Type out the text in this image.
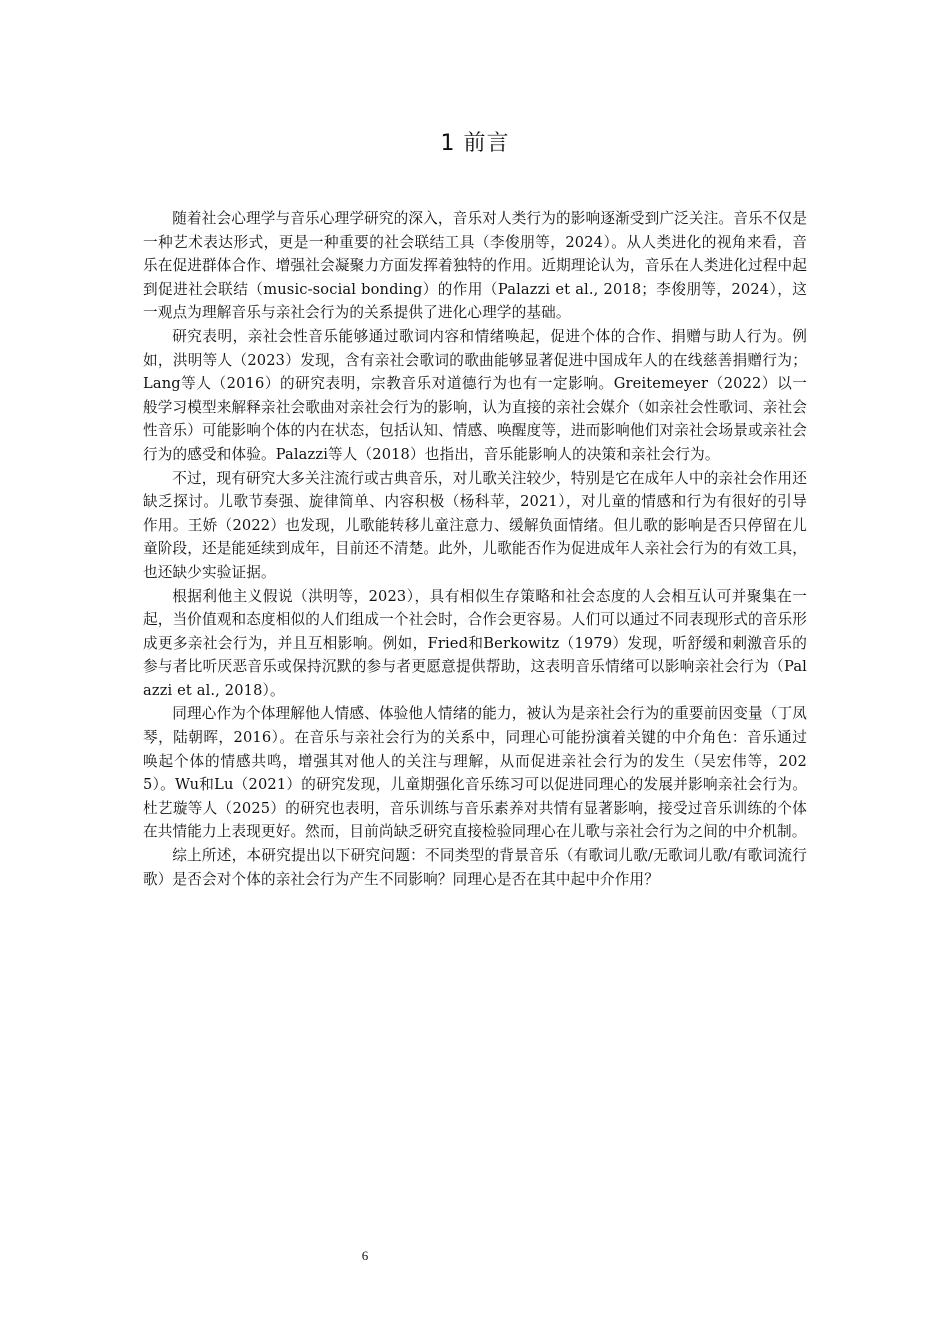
1 前言

随着社会心理学与音乐心理学研究的深入，音乐对人类行为的影响逐渐受到广泛关注。音乐不仅是一种艺术表达形式，更是一种重要的社会联结工具（李俊朋等，2024）。从人类进化的视角来看，音乐在促进群体合作、增强社会凝聚力方面发挥着独特的作用。近期理论认为，音乐在人类进化过程中起到促进社会联结（music-social bonding）的作用（Palazzi et al., 2018；李俊朋等，2024），这一观点为理解音乐与亲社会行为的关系提供了进化心理学的基础。

研究表明，亲社会性音乐能够通过歌词内容和情绪唤起，促进个体的合作、捐赠与助人行为。例如，洪明等人（2023）发现，含有亲社会歌词的歌曲能够显著促进中国成年人的在线慈善捐赠行为；Lang等人（2016）的研究表明，宗教音乐对道德行为也有一定影响。Greitemeyer（2022）以一般学习模型来解释亲社会歌曲对亲社会行为的影响，认为直接的亲社会媒介（如亲社会性歌词、亲社会性音乐）可能影响个体的内在状态，包括认知、情感、唤醒度等，进而影响他们对亲社会场景或亲社会行为的感受和体验。Palazzi等人（2018）也指出，音乐能影响人的决策和亲社会行为。

不过，现有研究大多关注流行或古典音乐，对儿歌关注较少，特别是它在成年人中的亲社会作用还缺乏探讨。儿歌节奏强、旋律简单、内容积极（杨科苹，2021），对儿童的情感和行为有很好的引导作用。王娇（2022）也发现，儿歌能转移儿童注意力、缓解负面情绪。但儿歌的影响是否只停留在儿童阶段，还是能延续到成年，目前还不清楚。此外，儿歌能否作为促进成年人亲社会行为的有效工具，也还缺少实验证据。

根据利他主义假说（洪明等，2023），具有相似生存策略和社会态度的人会相互认可并聚集在一起，当价值观和态度相似的人们组成一个社会时，合作会更容易。人们可以通过不同表现形式的音乐形成更多亲社会行为，并且互相影响。例如，Fried和Berkowitz（1979）发现，听舒缓和刺激音乐的参与者比听厌恶音乐或保持沉默的参与者更愿意提供帮助，这表明音乐情绪可以影响亲社会行为（Palazzi et al., 2018）。

同理心作为个体理解他人情感、体验他人情绪的能力，被认为是亲社会行为的重要前因变量（丁凤琴，陆朝晖，2016）。在音乐与亲社会行为的关系中，同理心可能扮演着关键的中介角色：音乐通过唤起个体的情感共鸣，增强其对他人的关注与理解，从而促进亲社会行为的发生（吴宏伟等，2025）。Wu和Lu（2021）的研究发现，儿童期强化音乐练习可以促进同理心的发展并影响亲社会行为。杜艺璇等人（2025）的研究也表明，音乐训练与音乐素养对共情有显著影响，接受过音乐训练的个体在共情能力上表现更好。然而，目前尚缺乏研究直接检验同理心在儿歌与亲社会行为之间的中介机制。

综上所述，本研究提出以下研究问题：不同类型的背景音乐（有歌词儿歌/无歌词儿歌/有歌词流行歌）是否会对个体的亲社会行为产生不同影响？同理心是否在其中起中介作用？

6
